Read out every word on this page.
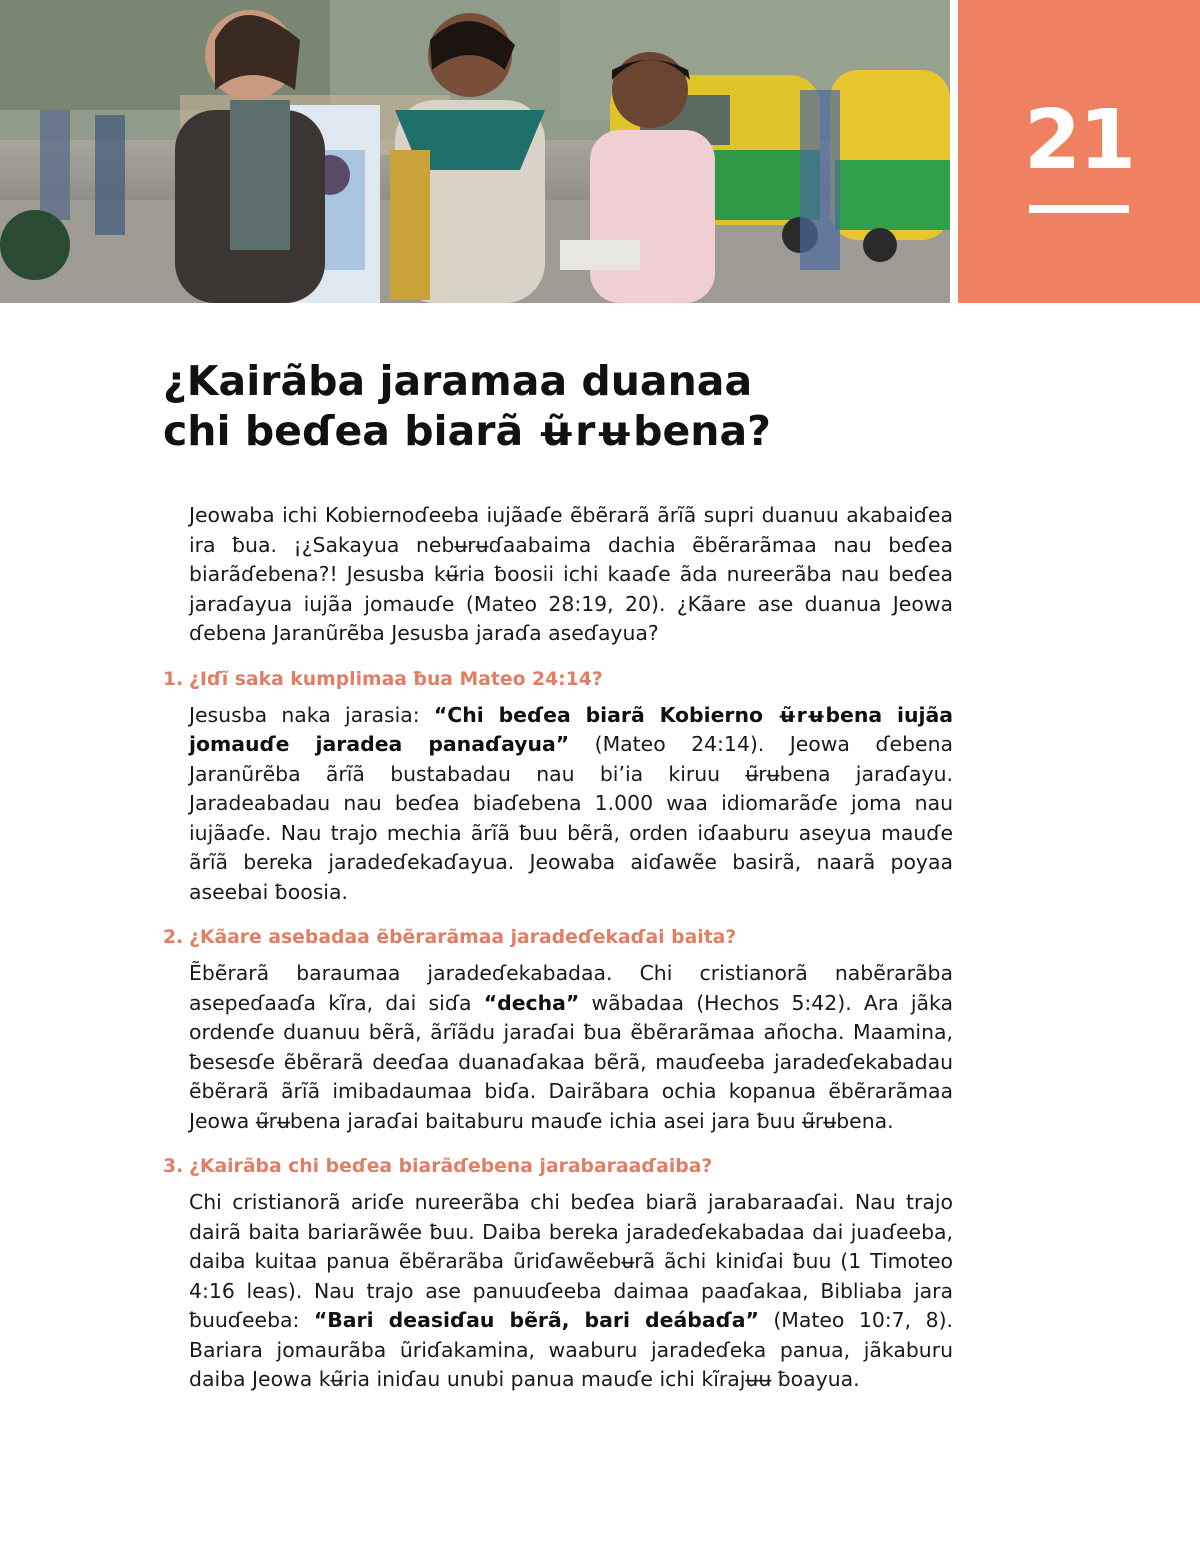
21
¿Kairãba jaramaa duanaa
chi beɗea biarã ʉ̃rʉbena?

Jeowaba ichi Kobiernoɗeeba iujãaɗe ẽbẽrarã ãrĩã supri duanuu akabaiɗea ira ƀua. ¡¿Sakayua nebʉrʉɗaabaima dachia ẽbẽrarãmaa nau beɗea biarãɗebena?! Jesusba kʉ̃ria ƀoosii ichi kaaɗe ãda nureerãba nau beɗea jaraɗayua iujãa jomauɗe (Mateo 28:19, 20). ¿Kãare ase duanua Jeowa ɗebena Jaranũrẽba Jesusba jaraɗa aseɗayua?

1. ¿Iɗĩ saka kumplimaa ƀua Mateo 24:14?

Jesusba naka jarasia: “Chi beɗea biarã Kobierno ʉ̃rʉbena iujãa jomauɗe jaradea panaɗayua” (Mateo 24:14). Jeowa ɗebena Jaranũrẽba ãrĩã bustabadau nau bi’ia kiruu ʉ̃rʉbena jaraɗayu. Jaradeabadau nau beɗea biaɗebena 1.000 waa idiomarãɗe joma nau iujãaɗe. Nau trajo mechia ãrĩã ƀuu bẽrã, orden iɗaaburu aseyua mauɗe ãrĩã bereka jaradeɗekaɗayua. Jeowaba aiɗawẽe basirã, naarã poyaa aseebai ƀoosia.

2. ¿Kãare asebadaa ẽbẽrarãmaa jaradeɗekaɗai baita?

Ẽbẽrarã baraumaa jaradeɗekabadaa. Chi cristianorã nabẽrarãba asepeɗaaɗa kĩra, dai siɗa “decha” wãbadaa (Hechos 5:42). Ara jãka ordenɗe duanuu bẽrã, ãrĩãdu jaraɗai ƀua ẽbẽrarãmaa añocha. Maamina, ƀesesɗe ẽbẽrarã deeɗaa duanaɗakaa bẽrã, mauɗeeba jaradeɗekabadau ẽbẽrarã ãrĩã imibadaumaa biɗa. Dairãbara ochia kopanua ẽbẽrarãmaa Jeowa ʉ̃rʉbena jaraɗai baitaburu mauɗe ichia asei jara ƀuu ʉ̃rʉbena.

3. ¿Kairãba chi beɗea biarãɗebena jarabaraaɗaiba?

Chi cristianorã ariɗe nureerãba chi beɗea biarã jarabaraaɗai. Nau trajo dairã baita bariarãwẽe ƀuu. Daiba bereka jaradeɗekabadaa dai juaɗeeba, daiba kuitaa panua ẽbẽrarãba ũriɗawẽebʉrã ãchi kiniɗai ƀuu (1 Timoteo 4:16 leas). Nau trajo ase panuuɗeeba daimaa paaɗakaa, Bibliaba jara ƀuuɗeeba: “Bari deasiɗau bẽrã, bari deábaɗa” (Mateo 10:7, 8). Bariara jomaurãba ũriɗakamina, waaburu jaradeɗeka panua, jãkaburu daiba Jeowa kʉ̃ria iniɗau unubi panua mauɗe ichi kĩrajʉʉ ƀoayua.
